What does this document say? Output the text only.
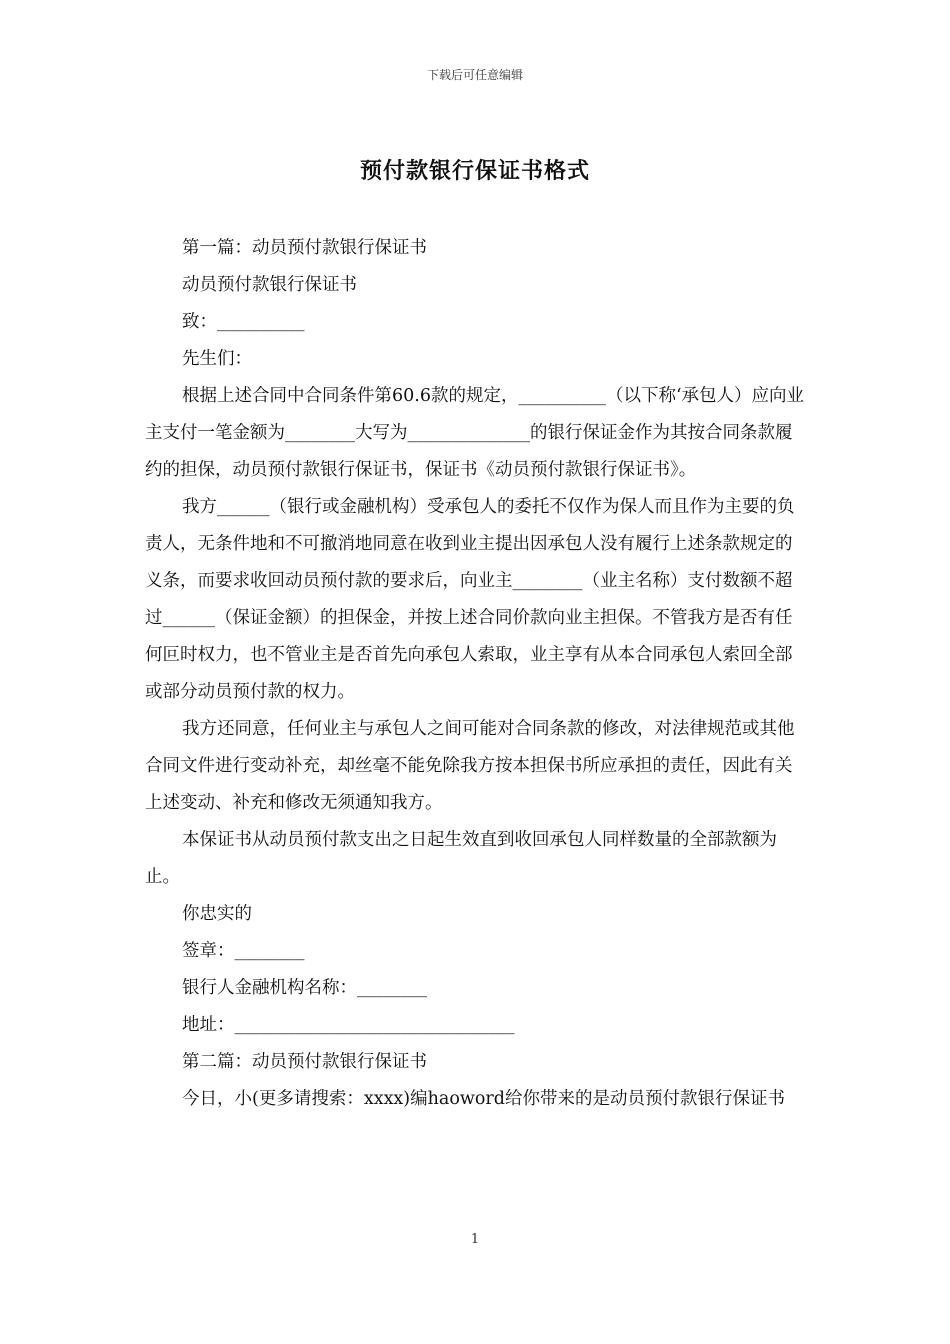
下载后可任意编辑
预付款银行保证书格式

第一篇：动员预付款银行保证书

动员预付款银行保证书

致：__________

先生们：

根据上述合同中合同条件第60.6款的规定，__________（以下称‘承包人）应向业主支付一笔金额为________大写为______________的银行保证金作为其按合同条款履约的担保，动员预付款银行保证书，保证书《动员预付款银行保证书》。

我方______（银行或金融机构）受承包人的委托不仅作为保人而且作为主要的负责人，无条件地和不可撤消地同意在收到业主提出因承包人没有履行上述条款规定的义条，而要求收回动员预付款的要求后，向业主________（业主名称）支付数额不超过______（保证金额）的担保金，并按上述合同价款向业主担保。不管我方是否有任何叵时权力，也不管业主是否首先向承包人索取，业主享有从本合同承包人索回全部或部分动员预付款的权力。

我方还同意，任何业主与承包人之间可能对合同条款的修改，对法律规范或其他合同文件进行变动补充，却丝毫不能免除我方按本担保书所应承担的责任，因此有关上述变动、补充和修改无须通知我方。

本保证书从动员预付款支出之日起生效直到收回承包人同样数量的全部款额为止。

你忠实的

签章：________

银行人金融机构名称：________

地址：________________________________

第二篇：动员预付款银行保证书

今日，小(更多请搜索：xxxx)编haoword给你带来的是动员预付款银行保证书

1
